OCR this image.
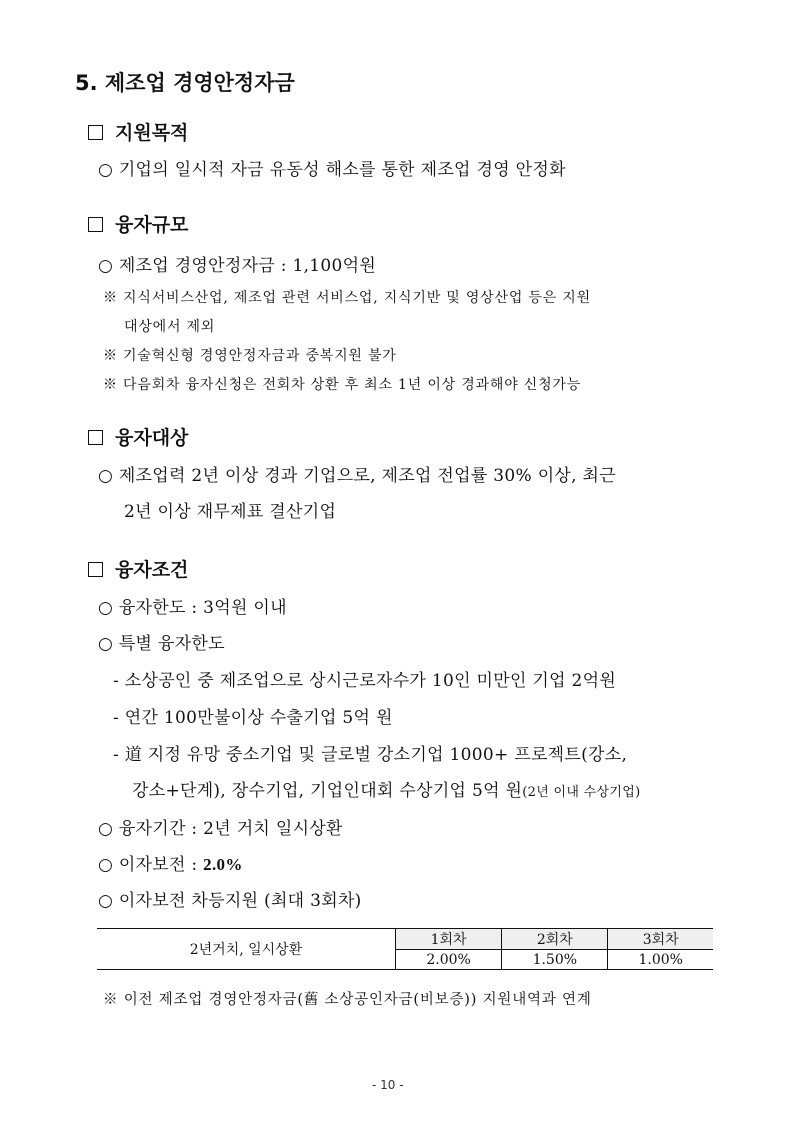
5. 제조업 경영안정자금
지원목적
○ 기업의 일시적 자금 유동성 해소를 통한 제조업 경영 안정화
융자규모
○ 제조업 경영안정자금 : 1,100억원
※ 지식서비스산업, 제조업 관련 서비스업, 지식기반 및 영상산업 등은 지원
대상에서 제외
※ 기술혁신형 경영안정자금과 중복지원 불가
※ 다음회차 융자신청은 전회차 상환 후 최소 1년 이상 경과해야 신청가능
융자대상
○ 제조업력 2년 이상 경과 기업으로, 제조업 전업률 30% 이상, 최근
2년 이상 재무제표 결산기업
융자조건
○ 융자한도 : 3억원 이내
○ 특별 융자한도
- 소상공인 중 제조업으로 상시근로자수가 10인 미만인 기업 2억원
- 연간 100만불이상 수출기업 5억 원
- 道 지정 유망 중소기업 및 글로벌 강소기업 1000+ 프로젝트(강소,
강소+단계), 장수기업, 기업인대회 수상기업 5억 원(2년 이내 수상기업)
○ 융자기간 : 2년 거치 일시상환
○ 이자보전 : 2.0%
○ 이자보전 차등지원 (최대 3회차)
2년거치, 일시상환	1회차	2회차	3회차
	2.00%	1.50%	1.00%
※ 이전 제조업 경영안정자금(舊 소상공인자금(비보증)) 지원내역과 연계
- 10 -
